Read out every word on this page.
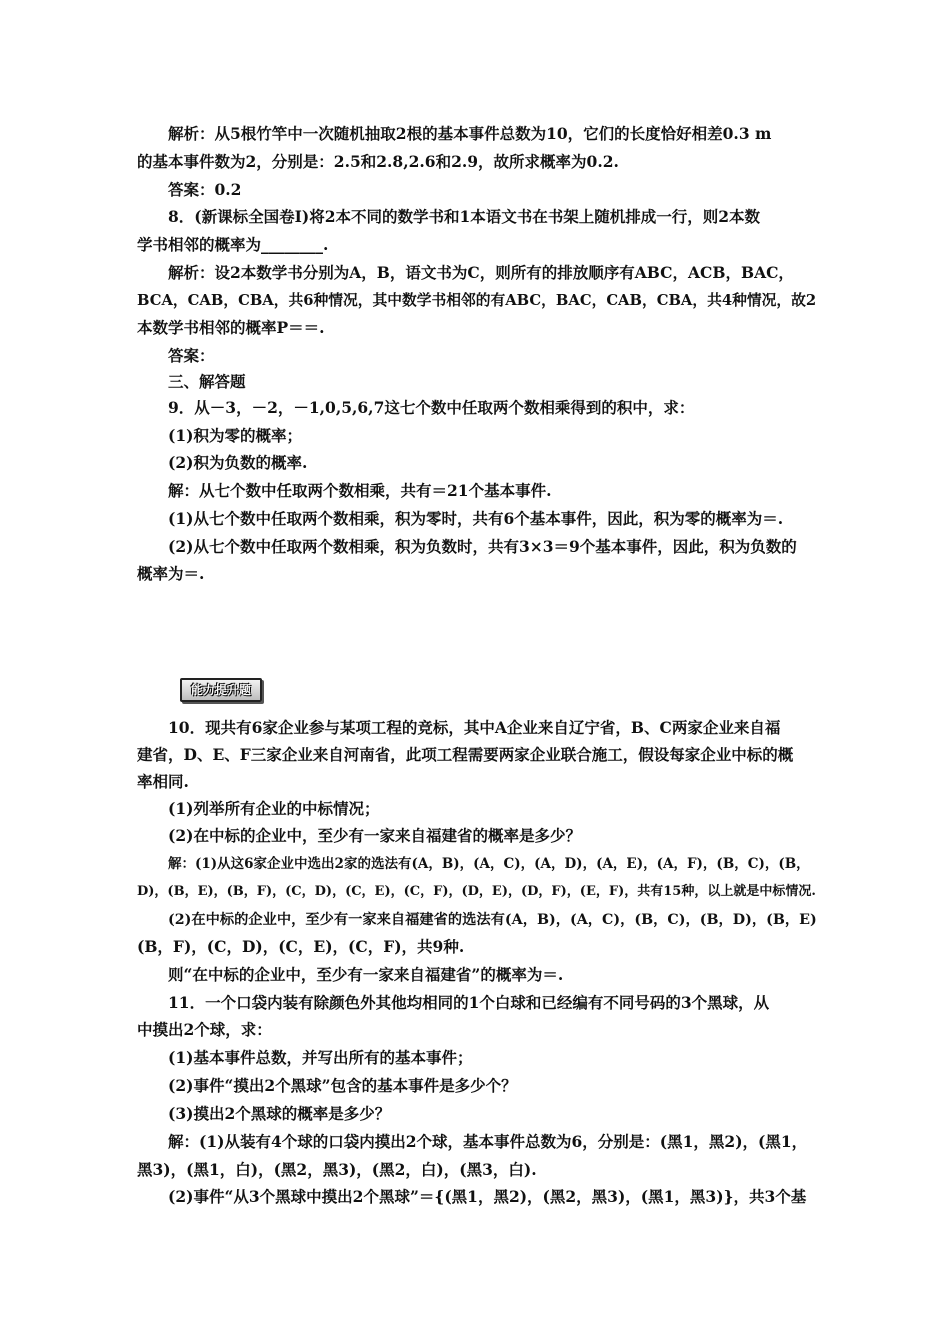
解析：从5根竹竿中一次随机抽取2根的基本事件总数为10，它们的长度恰好相差0.3 m
的基本事件数为2，分别是：2.5和2.8,2.6和2.9，故所求概率为0.2.
答案：0.2
8．(新课标全国卷Ⅰ)将2本不同的数学书和1本语文书在书架上随机排成一行，则2本数
学书相邻的概率为________.
解析：设2本数学书分别为A，B，语文书为C，则所有的排放顺序有ABC，ACB，BAC，
BCA，CAB，CBA，共6种情况，其中数学书相邻的有ABC，BAC，CAB，CBA，共4种情况，故2
本数学书相邻的概率P＝＝.
答案：
三、解答题
9．从－3，－2，－1,0,5,6,7这七个数中任取两个数相乘得到的积中，求：
(1)积为零的概率；
(2)积为负数的概率.
解：从七个数中任取两个数相乘，共有＝21个基本事件.
(1)从七个数中任取两个数相乘，积为零时，共有6个基本事件，因此，积为零的概率为＝.
(2)从七个数中任取两个数相乘，积为负数时，共有3×3＝9个基本事件，因此，积为负数的
概率为＝.
能力提升题
10．现共有6家企业参与某项工程的竞标，其中A企业来自辽宁省，B、C两家企业来自福
建省，D、E、F三家企业来自河南省，此项工程需要两家企业联合施工，假设每家企业中标的概
率相同.
(1)列举所有企业的中标情况；
(2)在中标的企业中，至少有一家来自福建省的概率是多少？
解：(1)从这6家企业中选出2家的选法有(A，B)，(A，C)，(A，D)，(A，E)，(A，F)，(B，C)，(B，
D)，(B，E)，(B，F)，(C，D)，(C，E)，(C，F)，(D，E)，(D，F)，(E，F)，共有15种，以上就是中标情况.
(2)在中标的企业中，至少有一家来自福建省的选法有(A，B)，(A，C)，(B，C)，(B，D)，(B，E)
(B，F)，(C，D)，(C，E)，(C，F)，共9种.
则“在中标的企业中，至少有一家来自福建省”的概率为＝.
11．一个口袋内装有除颜色外其他均相同的1个白球和已经编有不同号码的3个黑球，从
中摸出2个球，求：
(1)基本事件总数，并写出所有的基本事件；
(2)事件“摸出2个黑球”包含的基本事件是多少个？
(3)摸出2个黑球的概率是多少？
解：(1)从装有4个球的口袋内摸出2个球，基本事件总数为6，分别是：(黑1，黑2)，(黑1，
黑3)，(黑1，白)，(黑2，黑3)，(黑2，白)，(黑3，白).
(2)事件“从3个黑球中摸出2个黑球”＝{(黑1，黑2)，(黑2，黑3)，(黑1，黑3)}，共3个基
